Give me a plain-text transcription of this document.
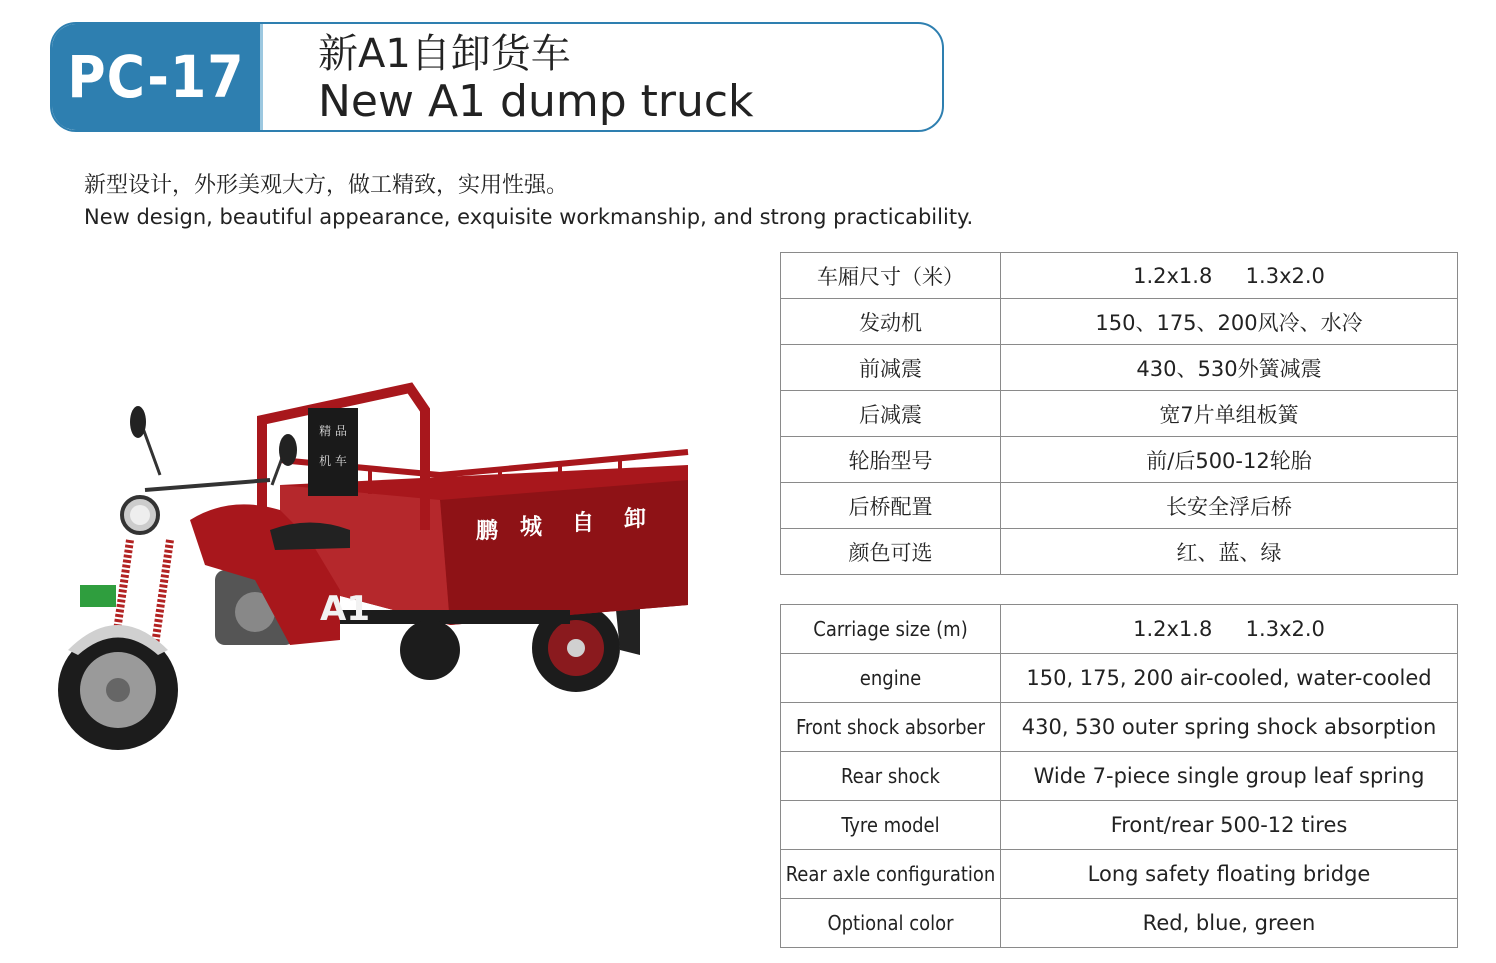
PC-17	新A1自卸货车
New A1 dump truck
新型设计，外形美观大方，做工精致，实用性强。
New design, beautiful appearance, exquisite workmanship, and strong practicability.
精 品
机 车
鹏 城 自 卸
A1
车厢尺寸（米）	1.2x1.8     1.3x2.0
发动机	150、175、200风冷、水冷
前减震	430、530外簧减震
后减震	宽7片单组板簧
轮胎型号	前/后500-12轮胎
后桥配置	长安全浮后桥
颜色可选	红、蓝、绿
Carriage size (m)	1.2x1.8     1.3x2.0
engine	150, 175, 200 air-cooled, water-cooled
Front shock absorber	430, 530 outer spring shock absorption
Rear shock	Wide 7-piece single group leaf spring
Tyre model	Front/rear 500-12 tires
Rear axle configuration	Long safety floating bridge
Optional color	Red, blue, green
